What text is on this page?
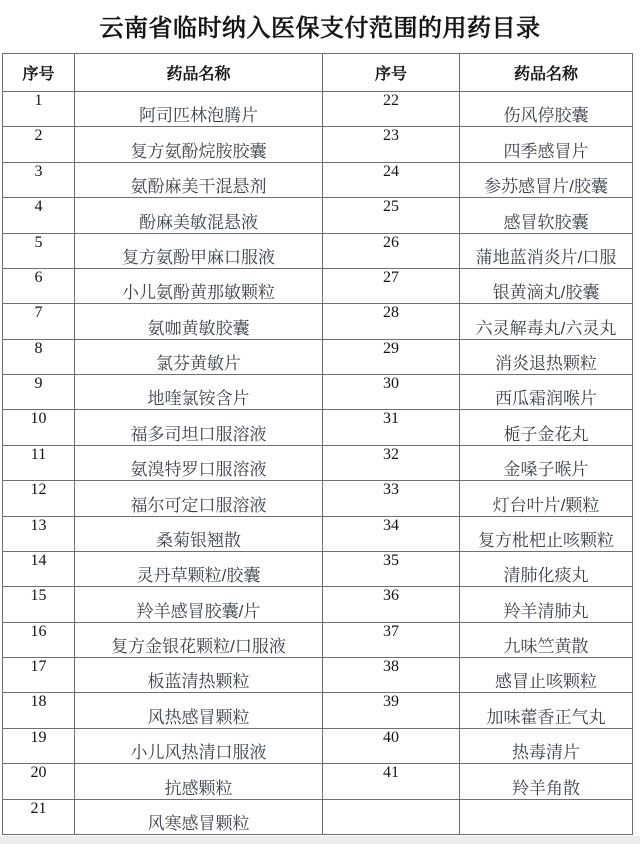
云南省临时纳入医保支付范围的用药目录
序号	药品名称	序号	药品名称
1	阿司匹林泡腾片	22	伤风停胶囊
2	复方氨酚烷胺胶囊	23	四季感冒片
3	氨酚麻美干混悬剂	24	参苏感冒片/胶囊
4	酚麻美敏混悬液	25	感冒软胶囊
5	复方氨酚甲麻口服液	26	蒲地蓝消炎片/口服
6	小儿氨酚黄那敏颗粒	27	银黄滴丸/胶囊
7	氨咖黄敏胶囊	28	六灵解毒丸/六灵丸
8	氯芬黄敏片	29	消炎退热颗粒
9	地喹氯铵含片	30	西瓜霜润喉片
10	福多司坦口服溶液	31	栀子金花丸
11	氨溴特罗口服溶液	32	金嗓子喉片
12	福尔可定口服溶液	33	灯台叶片/颗粒
13	桑菊银翘散	34	复方枇杷止咳颗粒
14	灵丹草颗粒/胶囊	35	清肺化痰丸
15	羚羊感冒胶囊/片	36	羚羊清肺丸
16	复方金银花颗粒/口服液	37	九味竺黄散
17	板蓝清热颗粒	38	感冒止咳颗粒
18	风热感冒颗粒	39	加味藿香正气丸
19	小儿风热清口服液	40	热毒清片
20	抗感颗粒	41	羚羊角散
21	风寒感冒颗粒		
